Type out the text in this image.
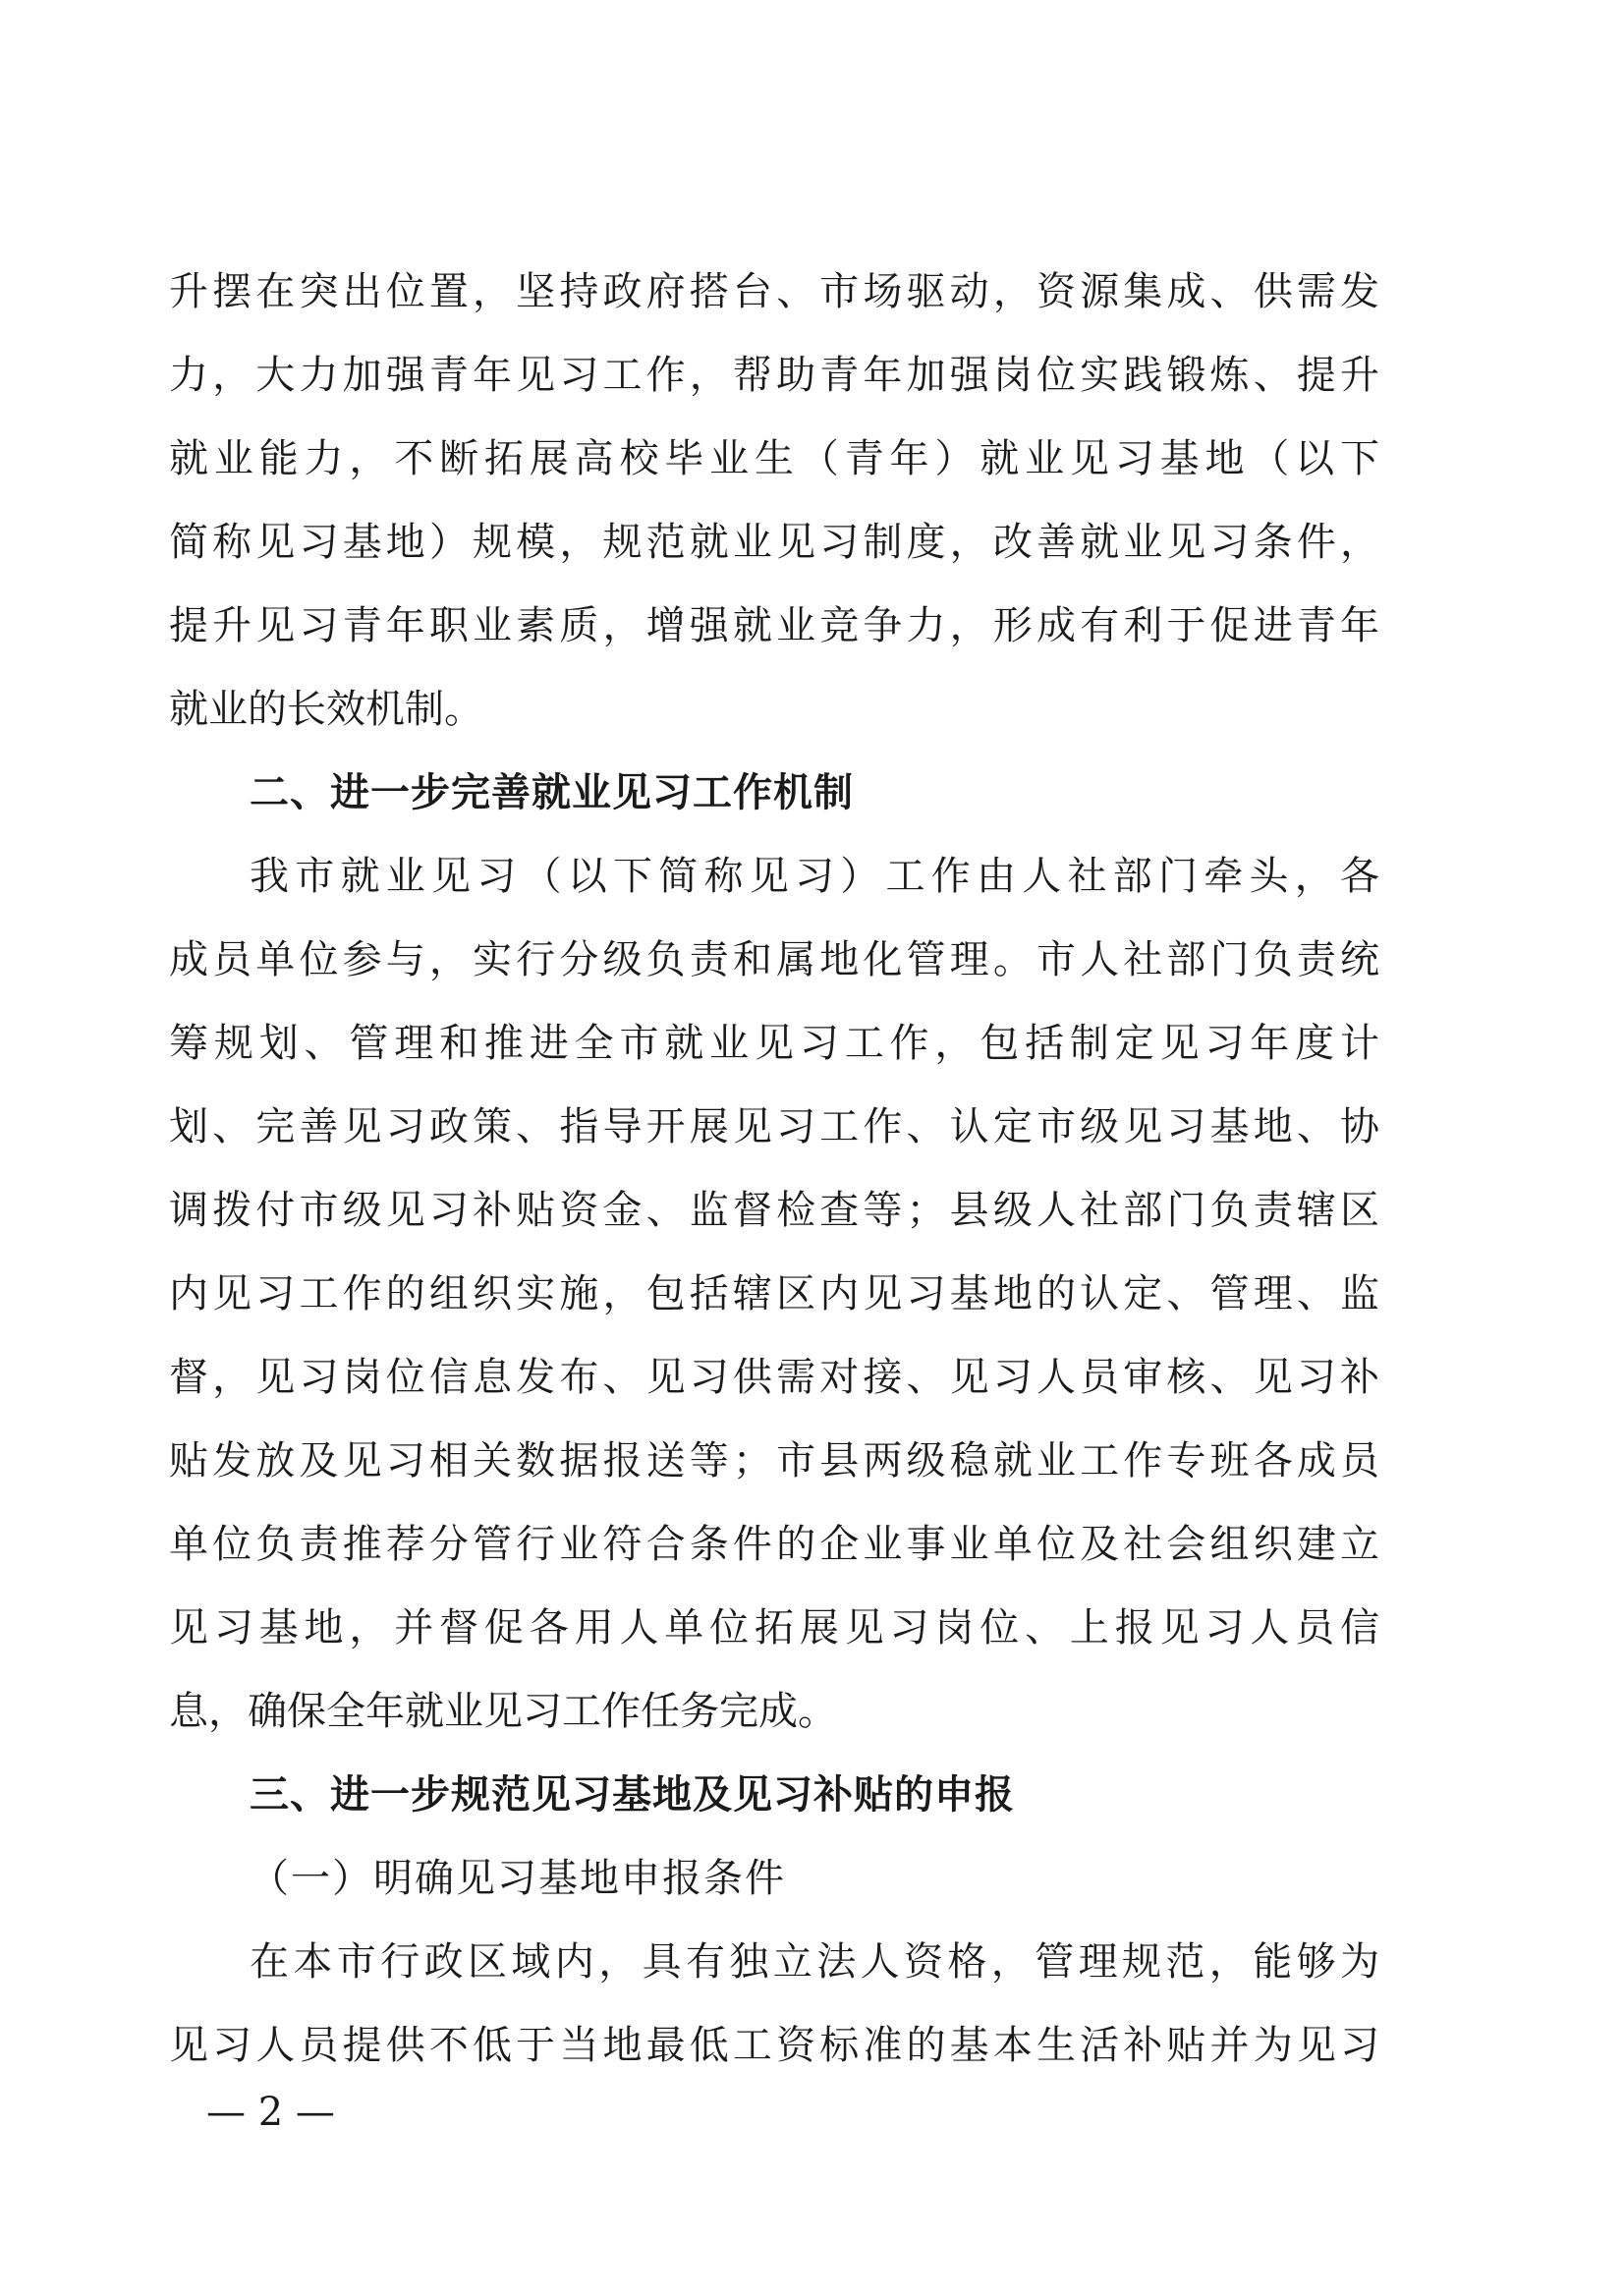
升摆在突出位置，坚持政府搭台、市场驱动，资源集成、供需发
力，大力加强青年见习工作，帮助青年加强岗位实践锻炼、提升
就业能力，不断拓展高校毕业生（青年）就业见习基地（以下
简称见习基地）规模，规范就业见习制度，改善就业见习条件，
提升见习青年职业素质，增强就业竞争力，形成有利于促进青年
就业的长效机制。
二、进一步完善就业见习工作机制
我市就业见习（以下简称见习）工作由人社部门牵头，各
成员单位参与，实行分级负责和属地化管理。市人社部门负责统
筹规划、管理和推进全市就业见习工作，包括制定见习年度计
划、完善见习政策、指导开展见习工作、认定市级见习基地、协
调拨付市级见习补贴资金、监督检查等；县级人社部门负责辖区
内见习工作的组织实施，包括辖区内见习基地的认定、管理、监
督，见习岗位信息发布、见习供需对接、见习人员审核、见习补
贴发放及见习相关数据报送等；市县两级稳就业工作专班各成员
单位负责推荐分管行业符合条件的企业事业单位及社会组织建立
见习基地，并督促各用人单位拓展见习岗位、上报见习人员信
息，确保全年就业见习工作任务完成。
三、进一步规范见习基地及见习补贴的申报
（一）明确见习基地申报条件
在本市行政区域内，具有独立法人资格，管理规范，能够为
见习人员提供不低于当地最低工资标准的基本生活补贴并为见习
— 2 —
